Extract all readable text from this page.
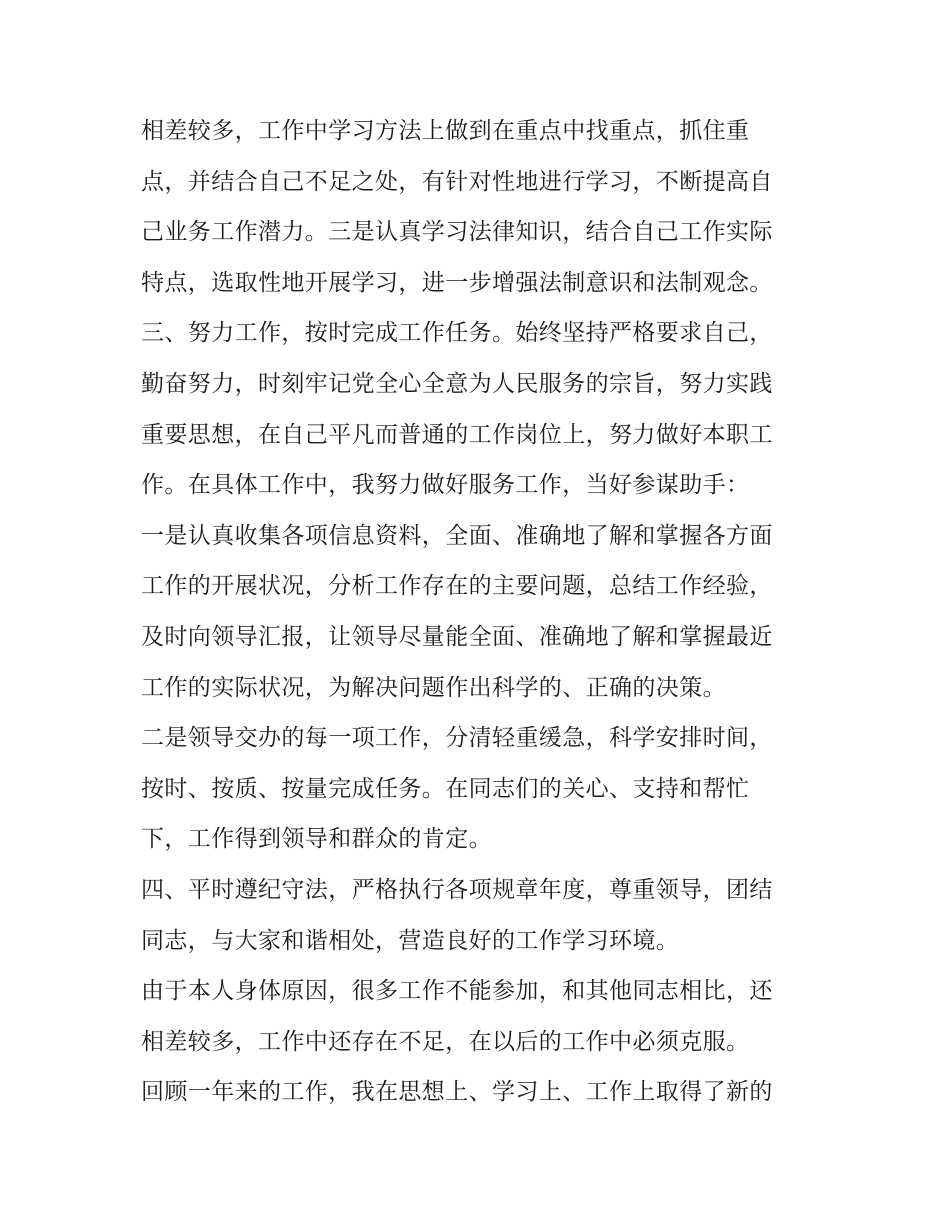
相差较多，工作中学习方法上做到在重点中找重点，抓住重
点，并结合自己不足之处，有针对性地进行学习，不断提高自
己业务工作潜力。三是认真学习法律知识，结合自己工作实际
特点，选取性地开展学习，进一步增强法制意识和法制观念。
三、努力工作，按时完成工作任务。始终坚持严格要求自己，
勤奋努力，时刻牢记党全心全意为人民服务的宗旨，努力实践
重要思想，在自己平凡而普通的工作岗位上，努力做好本职工
作。在具体工作中，我努力做好服务工作，当好参谋助手：
一是认真收集各项信息资料，全面、准确地了解和掌握各方面
工作的开展状况，分析工作存在的主要问题，总结工作经验，
及时向领导汇报，让领导尽量能全面、准确地了解和掌握最近
工作的实际状况，为解决问题作出科学的、正确的决策。
二是领导交办的每一项工作，分清轻重缓急，科学安排时间，
按时、按质、按量完成任务。在同志们的关心、支持和帮忙
下，工作得到领导和群众的肯定。
四、平时遵纪守法，严格执行各项规章年度，尊重领导，团结
同志，与大家和谐相处，营造良好的工作学习环境。
由于本人身体原因，很多工作不能参加，和其他同志相比，还
相差较多，工作中还存在不足，在以后的工作中必须克服。
回顾一年来的工作，我在思想上、学习上、工作上取得了新的
